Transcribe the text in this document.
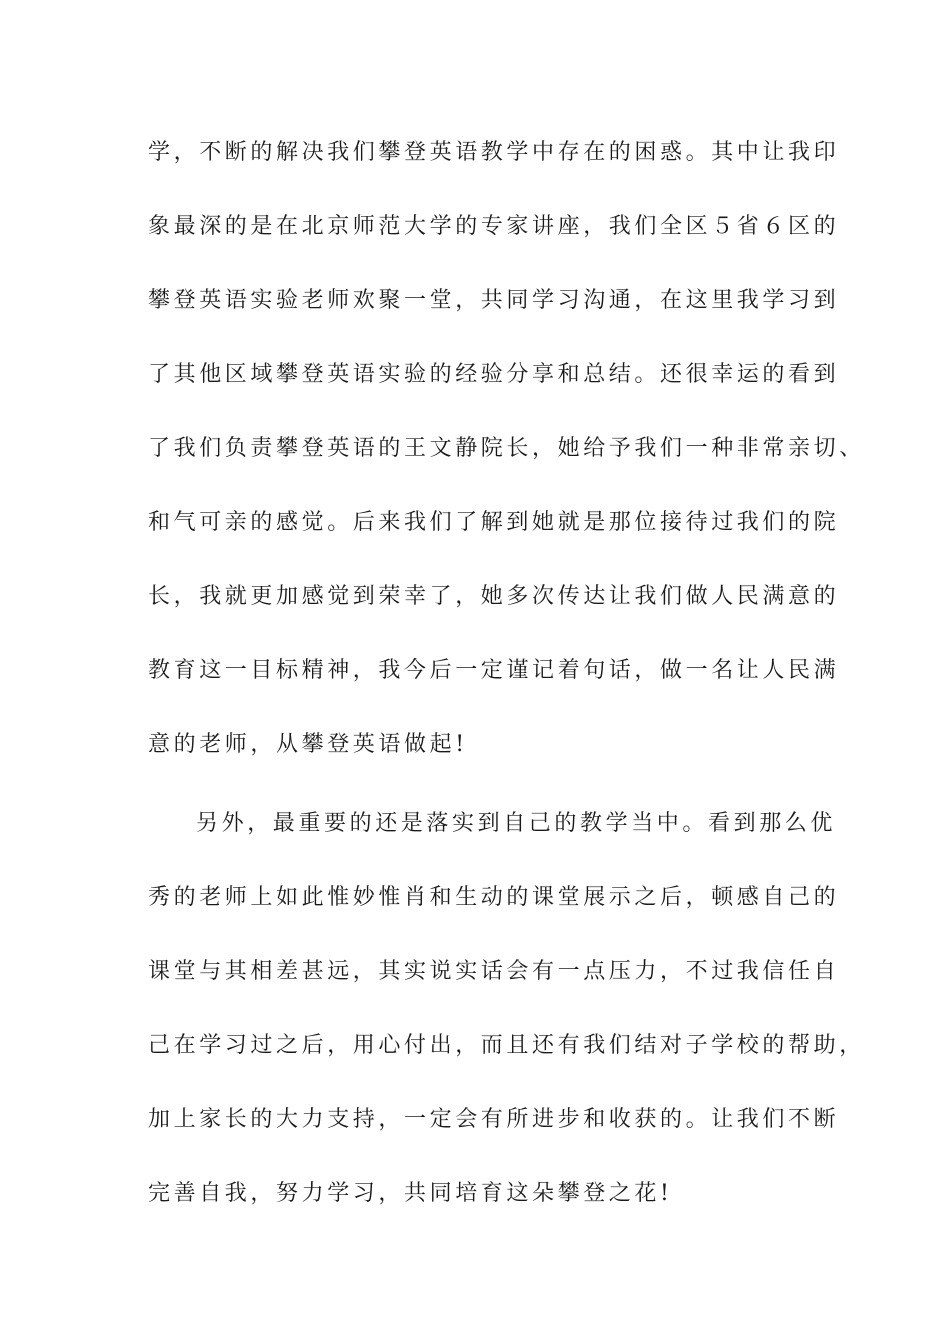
学，不断的解决我们攀登英语教学中存在的困惑。其中让我印
象最深的是在北京师范大学的专家讲座，我们全区５省６区的
攀登英语实验老师欢聚一堂，共同学习沟通，在这里我学习到
了其他区域攀登英语实验的经验分享和总结。还很幸运的看到
了我们负责攀登英语的王文静院长，她给予我们一种非常亲切、
和气可亲的感觉。后来我们了解到她就是那位接待过我们的院
长，我就更加感觉到荣幸了，她多次传达让我们做人民满意的
教育这一目标精神，我今后一定谨记着句话，做一名让人民满
意的老师，从攀登英语做起!
另外，最重要的还是落实到自己的教学当中。看到那么优
秀的老师上如此惟妙惟肖和生动的课堂展示之后，顿感自己的
课堂与其相差甚远，其实说实话会有一点压力，不过我信任自
己在学习过之后，用心付出，而且还有我们结对子学校的帮助，
加上家长的大力支持，一定会有所进步和收获的。让我们不断
完善自我，努力学习，共同培育这朵攀登之花!
